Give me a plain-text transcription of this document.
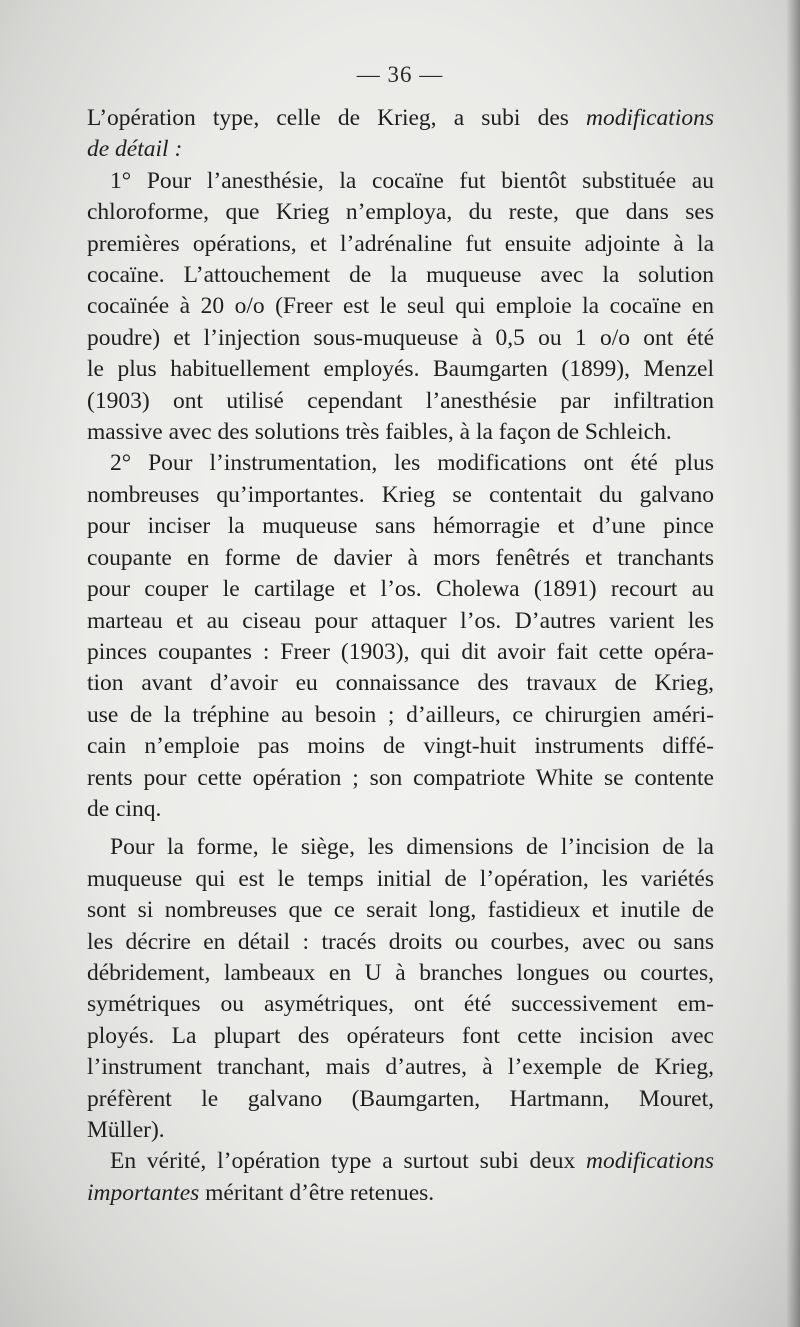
— 36 —
L’opération type, celle de Krieg, a subi des modifications
de détail :
1° Pour l’anesthésie, la cocaïne fut bientôt substituée au
chloroforme, que Krieg n’employa, du reste, que dans ses
premières opérations, et l’adrénaline fut ensuite adjointe à la
cocaïne. L’attouchement de la muqueuse avec la solution
cocaïnée à 20 o/o (Freer est le seul qui emploie la cocaïne en
poudre) et l’injection sous-muqueuse à 0,5 ou 1 o/o ont été
le plus habituellement employés. Baumgarten (1899), Menzel
(1903) ont utilisé cependant l’anesthésie par infiltration
massive avec des solutions très faibles, à la façon de Schleich.
2° Pour l’instrumentation, les modifications ont été plus
nombreuses qu’importantes. Krieg se contentait du galvano
pour inciser la muqueuse sans hémorragie et d’une pince
coupante en forme de davier à mors fenêtrés et tranchants
pour couper le cartilage et l’os. Cholewa (1891) recourt au
marteau et au ciseau pour attaquer l’os. D’autres varient les
pinces coupantes : Freer (1903), qui dit avoir fait cette opéra-
tion avant d’avoir eu connaissance des travaux de Krieg,
use de la tréphine au besoin ; d’ailleurs, ce chirurgien améri-
cain n’emploie pas moins de vingt-huit instruments diffé-
rents pour cette opération ; son compatriote White se contente
de cinq.
Pour la forme, le siège, les dimensions de l’incision de la
muqueuse qui est le temps initial de l’opération, les variétés
sont si nombreuses que ce serait long, fastidieux et inutile de
les décrire en détail : tracés droits ou courbes, avec ou sans
débridement, lambeaux en U à branches longues ou courtes,
symétriques ou asymétriques, ont été successivement em-
ployés. La plupart des opérateurs font cette incision avec
l’instrument tranchant, mais d’autres, à l’exemple de Krieg,
préfèrent le galvano (Baumgarten, Hartmann, Mouret,
Müller).
En vérité, l’opération type a surtout subi deux modifications
importantes méritant d’être retenues.
